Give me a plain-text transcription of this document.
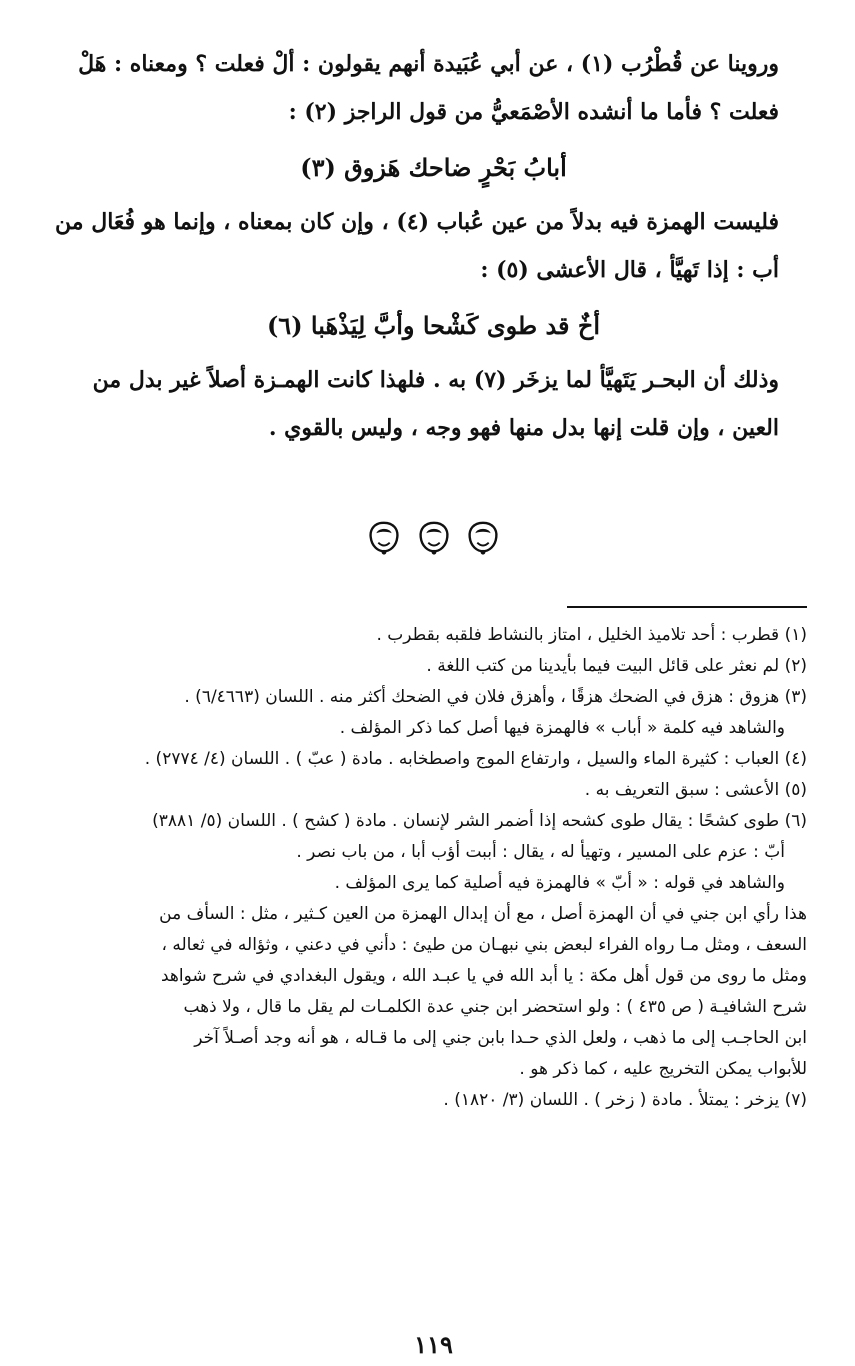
وروينا عن قُطْرُب (١) ، عن أبي عُبَيدة أنهم يقولون : ألْ فعلت ؟ ومعناه : هَلْ
فعلت ؟ فأما ما أنشده الأصْمَعيُّ من قول الراجز (٢) :

أبابُ بَحْرٍ ضاحك هَزوق (٣)

فليست الهمزة فيه بدلاً من عين عُباب (٤) ، وإن كان بمعناه ، وإنما هو فُعَال من
أب : إذا تَهيَّأ ، قال الأعشى (٥) :

أخٌ قد طوى كَشْحا وأبَّ لِيَذْهَبا (٦)

وذلك أن البحـر يَتَهيَّأ لما يزخَر (٧) به . فلهذا كانت الهمـزة أصلاً غير بدل من
العين ، وإن قلت إنها بدل منها فهو وجه ، وليس بالقوي .

(١) قطرب : أحد تلاميذ الخليل ، امتاز بالنشاط فلقبه بقطرب .

(٢) لم نعثر على قائل البيت فيما بأيدينا من كتب اللغة .

(٣) هزوق : هزق في الضحك هزقًا ، وأهزق فلان في الضحك أكثر منه . اللسان (٦/٤٦٦٣) .
والشاهد فيه كلمة « أباب » فالهمزة فيها أصل كما ذكر المؤلف .

(٤) العباب : كثيرة الماء والسيل ، وارتفاع الموج واصطخابه . مادة ( عبّ ) . اللسان (٤/ ٢٧٧٤) .

(٥) الأعشى : سبق التعريف به .

(٦) طوى كشحًا : يقال طوى كشحه إذا أضمر الشر لإنسان . مادة ( كشح ) . اللسان (٥/ ٣٨٨١)
أبّ : عزم على المسير ، وتهيأ له ، يقال : أببت أؤب أبا ، من باب نصر .
والشاهد في قوله : « أبّ » فالهمزة فيه أصلية كما يرى المؤلف .

هذا رأي ابن جني في أن الهمزة أصل ، مع أن إبدال الهمزة من العين كـثير ، مثل : السأف من
السعف ، ومثل مـا رواه الفراء لبعض بني نبهـان من طيئ : دأني في دعني ، وثؤاله في ثعاله ،
ومثل ما روى من قول أهل مكة : يا أبد الله في يا عبـد الله ، ويقول البغدادي في شرح شواهد
شرح الشافيـة ( ص ٤٣٥ ) : ولو استحضر ابن جني عدة الكلمـات لم يقل ما قال ، ولا ذهب
ابن الحاجـب إلى ما ذهب ، ولعل الذي حـدا بابن جني إلى ما قـاله ، هو أنه وجد أصـلاً آخر
للأبواب يمكن التخريج عليه ، كما ذكر هو .

(٧) يزخر : يمتلأ . مادة ( زخر ) . اللسان (٣/ ١٨٢٠) .

١١٩
